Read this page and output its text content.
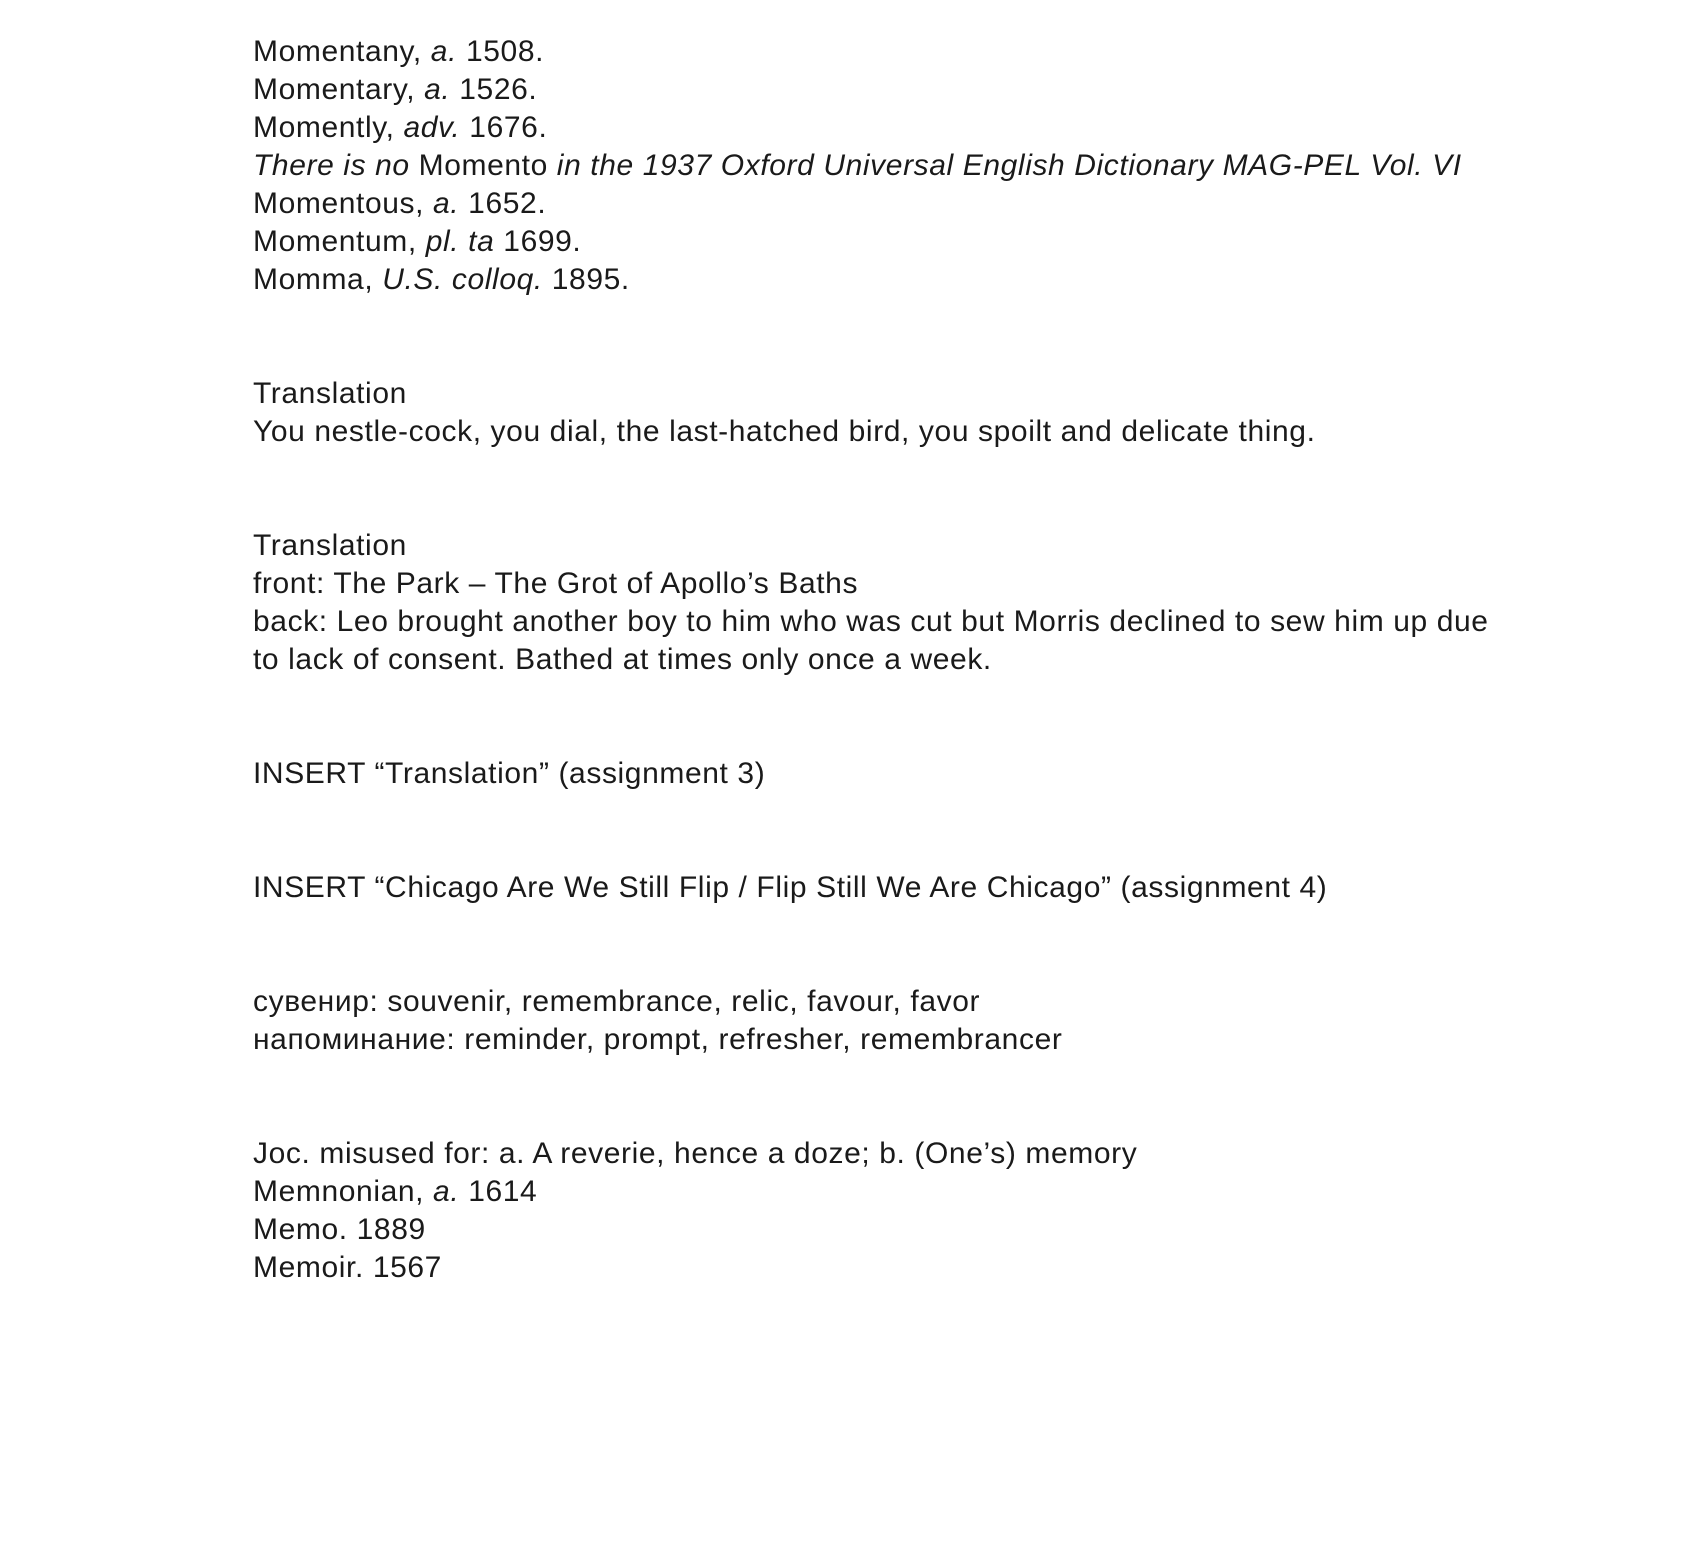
Momentany, a. 1508.
Momentary, a. 1526.
Momently, adv. 1676.
There is no Momento in the 1937 Oxford Universal English Dictionary MAG-PEL Vol. VI
Momentous, a. 1652.
Momentum, pl. ta 1699.
Momma, U.S. colloq. 1895.
Translation
You nestle-cock, you dial, the last-hatched bird, you spoilt and delicate thing.
Translation
front: The Park – The Grot of Apollo’s Baths
back: Leo brought another boy to him who was cut but Morris declined to sew him up due to lack of consent. Bathed at times only once a week.
INSERT “Translation” (assignment 3)
INSERT “Chicago Are We Still Flip / Flip Still We Are Chicago” (assignment 4)
сувенир: souvenir, remembrance, relic, favour, favor
напоминание: reminder, prompt, refresher, remembrancer
Joc. misused for: a. A reverie, hence a doze; b. (One’s) memory
Memnonian, a. 1614
Memo. 1889
Memoir. 1567
